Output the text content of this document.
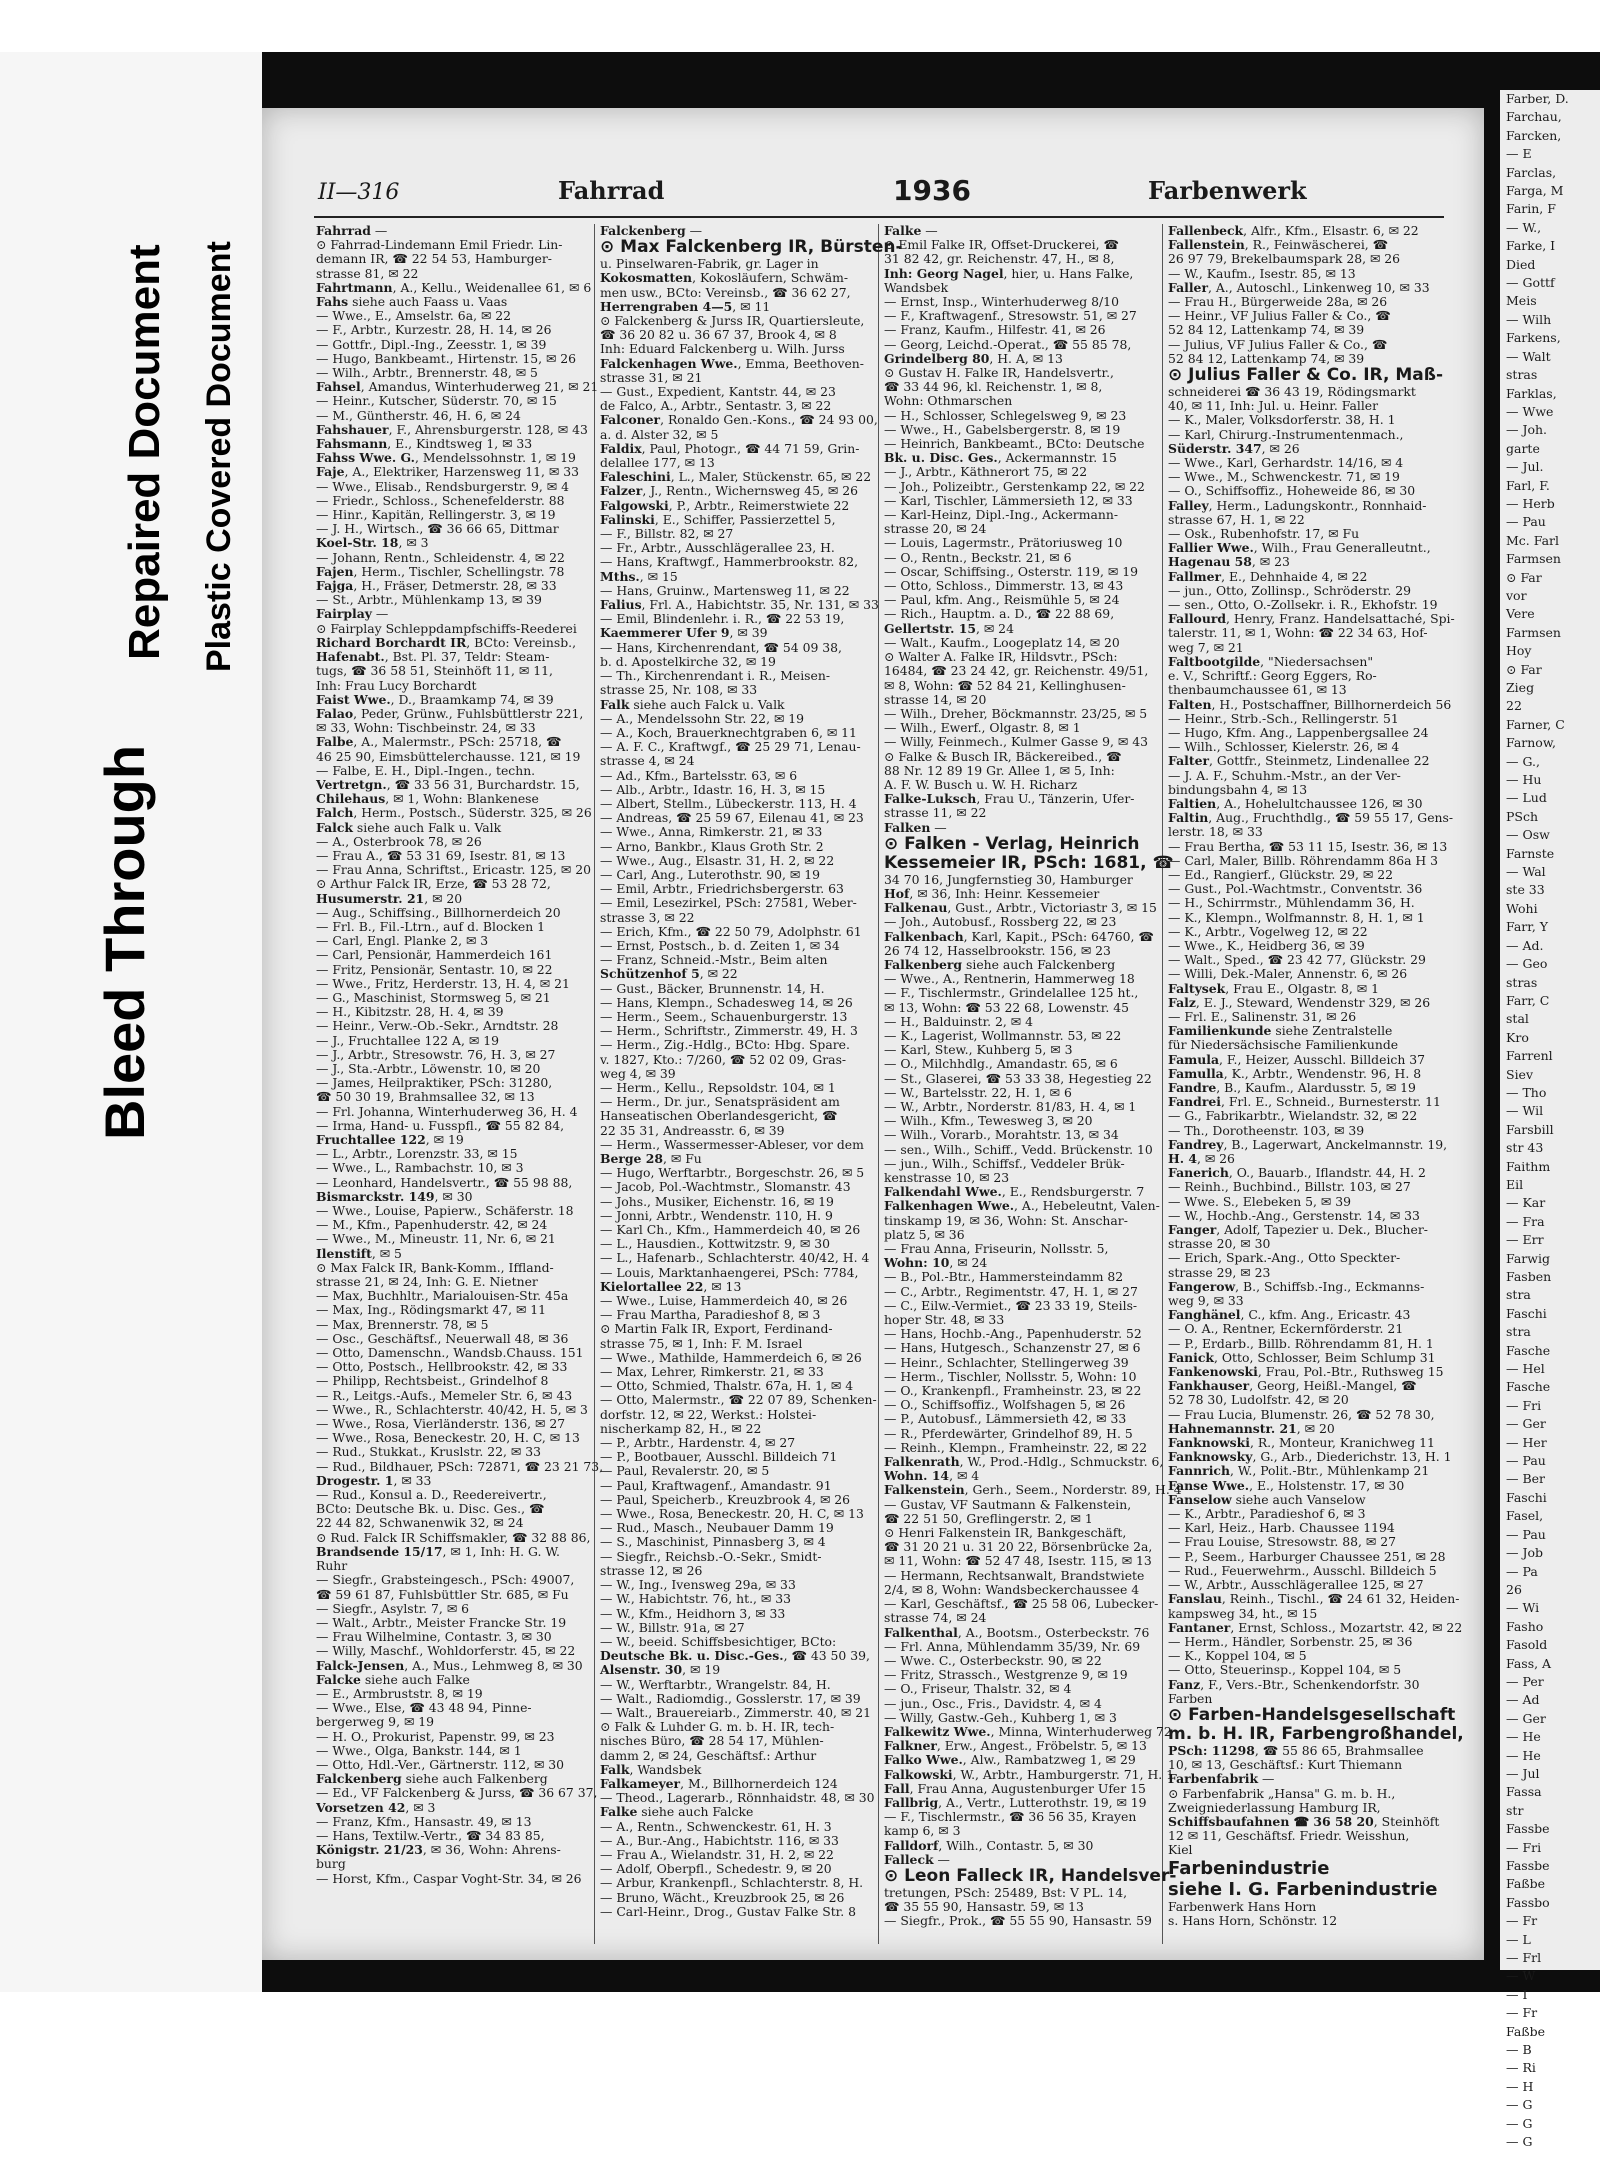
Repaired Document Plastic Covered Document
Bleed Through
II—316	Fahrrad	1936	Farbenwerk
Fahrrad —
⊙ Fahrrad-Lindemann Emil Friedr. Lin-
demann IR, ☎ 22 54 53, Hamburger-
strasse 81, ✉ 22
Fahrtmann, A., Kellu., Weidenallee 61, ✉ 6
Fahs siehe auch Faass u. Vaas
— Wwe., E., Amselstr. 6a, ✉ 22
— F., Arbtr., Kurzestr. 28, H. 14, ✉ 26
— Gottfr., Dipl.-Ing., Zeesstr. 1, ✉ 39
— Hugo, Bankbeamt., Hirtenstr. 15, ✉ 26
— Wilh., Arbtr., Brennerstr. 48, ✉ 5
Fahsel, Amandus, Winterhuderweg 21, ✉ 21
— Heinr., Kutscher, Süderstr. 70, ✉ 15
— M., Güntherstr. 46, H. 6, ✉ 24
Fahshauer, F., Ahrensburgerstr. 128, ✉ 43
Fahsmann, E., Kindtsweg 1, ✉ 33
Fahss Wwe. G., Mendelssohnstr. 1, ✉ 19
Faje, A., Elektriker, Harzensweg 11, ✉ 33
— Wwe., Elisab., Rendsburgerstr. 9, ✉ 4
— Friedr., Schloss., Schenefelderstr. 88
— Hinr., Kapitän, Rellingerstr. 3, ✉ 19
— J. H., Wirtsch., ☎ 36 66 65, Dittmar
Koel-Str. 18, ✉ 3
— Johann, Rentn., Schleidenstr. 4, ✉ 22
Fajen, Herm., Tischler, Schellingstr. 78
Fajga, H., Fräser, Detmerstr. 28, ✉ 33
— St., Arbtr., Mühlenkamp 13, ✉ 39
Fairplay —
⊙ Fairplay Schleppdampfschiffs-Reederei
Richard Borchardt IR, BCto: Vereinsb.,
Hafenabt., Bst. Pl. 37, Teldr: Steam-
tugs, ☎ 36 58 51, Steinhöft 11, ✉ 11,
Inh: Frau Lucy Borchardt
Faist Wwe., D., Braamkamp 74, ✉ 39
Falao, Peder, Grünw., Fuhlsbüttlerstr 221,
✉ 33, Wohn: Tischbeinstr. 24, ✉ 33
Falbe, A., Malermstr., PSch: 25718, ☎
46 25 90, Eimsbüttelerchausse. 121, ✉ 19
— Falbe, E. H., Dipl.-Ingen., techn.
Vertretgn., ☎ 33 56 31, Burchardstr. 15,
Chilehaus, ✉ 1, Wohn: Blankenese
Falch, Herm., Postsch., Süderstr. 325, ✉ 26
Falck siehe auch Falk u. Valk
— A., Osterbrook 78, ✉ 26
— Frau A., ☎ 53 31 69, Isestr. 81, ✉ 13
— Frau Anna, Schriftst., Ericastr. 125, ✉ 20
⊙ Arthur Falck IR, Erze, ☎ 53 28 72,
Husumerstr. 21, ✉ 20
— Aug., Schiffsing., Billhornerdeich 20
— Frl. B., Fil.-Ltrn., auf d. Blocken 1
— Carl, Engl. Planke 2, ✉ 3
— Carl, Pensionär, Hammerdeich 161
— Fritz, Pensionär, Sentastr. 10, ✉ 22
— Wwe., Fritz, Herderstr. 13, H. 4, ✉ 21
— G., Maschinist, Stormsweg 5, ✉ 21
— H., Kibitzstr. 28, H. 4, ✉ 39
— Heinr., Verw.-Ob.-Sekr., Arndtstr. 28
— J., Fruchtallee 122 A, ✉ 19
— J., Arbtr., Stresowstr. 76, H. 3, ✉ 27
— J., Sta.-Arbtr., Löwenstr. 10, ✉ 20
— James, Heilpraktiker, PSch: 31280,
☎ 50 30 19, Brahmsallee 32, ✉ 13
— Frl. Johanna, Winterhuderweg 36, H. 4
— Irma, Hand- u. Fusspfl., ☎ 55 82 84,
Fruchtallee 122, ✉ 19
— L., Arbtr., Lorenzstr. 33, ✉ 15
— Wwe., L., Rambachstr. 10, ✉ 3
— Leonhard, Handelsvertr., ☎ 55 98 88,
Bismarckstr. 149, ✉ 30
— Wwe., Louise, Papierw., Schäferstr. 18
— M., Kfm., Papenhuderstr. 42, ✉ 24
— Wwe., M., Mineustr. 11, Nr. 6, ✉ 21
Ilenstift, ✉ 5
⊙ Max Falck IR, Bank-Komm., Iffland-
strasse 21, ✉ 24, Inh: G. E. Nietner
— Max, Buchhltr., Marialouisen-Str. 45a
— Max, Ing., Rödingsmarkt 47, ✉ 11
— Max, Brennerstr. 78, ✉ 5
— Osc., Geschäftsf., Neuerwall 48, ✉ 36
— Otto, Damenschn., Wandsb.Chauss. 151
— Otto, Postsch., Hellbrookstr. 42, ✉ 33
— Philipp, Rechtsbeist., Grindelhof 8
— R., Leitgs.-Aufs., Memeler Str. 6, ✉ 43
— Wwe., R., Schlachterstr. 40/42, H. 5, ✉ 3
— Wwe., Rosa, Vierländerstr. 136, ✉ 27
— Wwe., Rosa, Beneckestr. 20, H. C, ✉ 13
— Rud., Stukkat., Kruslstr. 22, ✉ 33
— Rud., Bildhauer, PSch: 72871, ☎ 23 21 73,
Drogestr. 1, ✉ 33
— Rud., Konsul a. D., Reedereivertr.,
BCto: Deutsche Bk. u. Disc. Ges., ☎
22 44 82, Schwanenwik 32, ✉ 24
⊙ Rud. Falck IR Schiffsmakler, ☎ 32 88 86,
Brandsende 15/17, ✉ 1, Inh: H. G. W.
Ruhr
— Siegfr., Grabsteingesch., PSch: 49007,
☎ 59 61 87, Fuhlsbüttler Str. 685, ✉ Fu
— Siegfr., Asylstr. 7, ✉ 6
— Walt., Arbtr., Meister Francke Str. 19
— Frau Wilhelmine, Contastr. 3, ✉ 30
— Willy, Maschf., Wohldorferstr. 45, ✉ 22
Falck-Jensen, A., Mus., Lehmweg 8, ✉ 30
Falcke siehe auch Falke
— E., Armbruststr. 8, ✉ 19
— Wwe., Else, ☎ 43 48 94, Pinne-
bergerweg 9, ✉ 19
— H. O., Prokurist, Papenstr. 99, ✉ 23
— Wwe., Olga, Bankstr. 144, ✉ 1
— Otto, Hdl.-Ver., Gärtnerstr. 112, ✉ 30
Falckenberg siehe auch Falkenberg
— Ed., VF Falckenberg & Jurss, ☎ 36 67 37,
Vorsetzen 42, ✉ 3
— Franz, Kfm., Hansastr. 49, ✉ 13
— Hans, Textilw.-Vertr., ☎ 34 83 85,
Königstr. 21/23, ✉ 36, Wohn: Ahrens-
burg
— Horst, Kfm., Caspar Voght-Str. 34, ✉ 26
Falckenberg —
⊙ Max Falckenberg IR, Bürsten-
u. Pinselwaren-Fabrik, gr. Lager in
Kokosmatten, Kokosläufern, Schwäm-
men usw., BCto: Vereinsb., ☎ 36 62 27,
Herrengraben 4—5, ✉ 11
⊙ Falckenberg & Jurss IR, Quartiersleute,
☎ 36 20 82 u. 36 67 37, Brook 4, ✉ 8
Inh: Eduard Falckenberg u. Wilh. Jurss
Falckenhagen Wwe., Emma, Beethoven-
strasse 31, ✉ 21
— Gust., Expedient, Kantstr. 44, ✉ 23
de Falco, A., Arbtr., Sentastr. 3, ✉ 22
Falconer, Ronaldo Gen.-Kons., ☎ 24 93 00,
a. d. Alster 32, ✉ 5
Faldix, Paul, Photogr., ☎ 44 71 59, Grin-
delallee 177, ✉ 13
Faleschini, L., Maler, Stückenstr. 65, ✉ 22
Falzer, J., Rentn., Wichernsweg 45, ✉ 26
Falgowski, P., Arbtr., Reimerstwiete 22
Falinski, E., Schiffer, Passierzettel 5,
— F., Billstr. 82, ✉ 27
— Fr., Arbtr., Ausschlägerallee 23, H.
— Hans, Kraftwgf., Hammerbrookstr. 82,
Mths., ✉ 15
— Hans, Gruinw., Martensweg 11, ✉ 22
Falius, Frl. A., Habichtstr. 35, Nr. 131, ✉ 33
— Emil, Blindenlehr. i. R., ☎ 22 53 19,
Kaemmerer Ufer 9, ✉ 39
— Hans, Kirchenrendant, ☎ 54 09 38,
b. d. Apostelkirche 32, ✉ 19
— Th., Kirchenrendant i. R., Meisen-
strasse 25, Nr. 108, ✉ 33
Falk siehe auch Falck u. Valk
— A., Mendelssohn Str. 22, ✉ 19
— A., Koch, Brauerknechtgraben 6, ✉ 11
— A. F. C., Kraftwgf., ☎ 25 29 71, Lenau-
strasse 4, ✉ 24
— Ad., Kfm., Bartelsstr. 63, ✉ 6
— Alb., Arbtr., Idastr. 16, H. 3, ✉ 15
— Albert, Stellm., Lübeckerstr. 113, H. 4
— Andreas, ☎ 25 59 67, Eilenau 41, ✉ 23
— Wwe., Anna, Rimkerstr. 21, ✉ 33
— Arno, Bankbr., Klaus Groth Str. 2
— Wwe., Aug., Elsastr. 31, H. 2, ✉ 22
— Carl, Ang., Luterothstr. 90, ✉ 19
— Emil, Arbtr., Friedrichsbergerstr. 63
— Emil, Lesezirkel, PSch: 27581, Weber-
strasse 3, ✉ 22
— Erich, Kfm., ☎ 22 50 79, Adolphstr. 61
— Ernst, Postsch., b. d. Zeiten 1, ✉ 34
— Franz, Schneid.-Mstr., Beim alten
Schützenhof 5, ✉ 22
— Gust., Bäcker, Brunnenstr. 14, H.
— Hans, Klempn., Schadesweg 14, ✉ 26
— Herm., Seem., Schauenburgerstr. 13
— Herm., Schriftstr., Zimmerstr. 49, H. 3
— Herm., Zig.-Hdlg., BCto: Hbg. Spare.
v. 1827, Kto.: 7/260, ☎ 52 02 09, Gras-
weg 4, ✉ 39
— Herm., Kellu., Repsoldstr. 104, ✉ 1
— Herm., Dr. jur., Senatspräsident am
Hanseatischen Oberlandesgericht, ☎
22 35 31, Andreasstr. 6, ✉ 39
— Herm., Wassermesser-Ableser, vor dem
Berge 28, ✉ Fu
— Hugo, Werftarbtr., Borgeschstr. 26, ✉ 5
— Jacob, Pol.-Wachtmstr., Slomanstr. 43
— Johs., Musiker, Eichenstr. 16, ✉ 19
— Jonni, Arbtr., Wendenstr. 110, H. 9
— Karl Ch., Kfm., Hammerdeich 40, ✉ 26
— L., Hausdien., Kottwitzstr. 9, ✉ 30
— L., Hafenarb., Schlachterstr. 40/42, H. 4
— Louis, Marktanhaengerei, PSch: 7784,
Kielortallee 22, ✉ 13
— Wwe., Luise, Hammerdeich 40, ✉ 26
— Frau Martha, Paradieshof 8, ✉ 3
⊙ Martin Falk IR, Export, Ferdinand-
strasse 75, ✉ 1, Inh: F. M. Israel
— Wwe., Mathilde, Hammerdeich 6, ✉ 26
— Max, Lehrer, Rimkerstr. 21, ✉ 33
— Otto, Schmied, Thalstr. 67a, H. 1, ✉ 4
— Otto, Malermstr., ☎ 22 07 89, Schenken-
dorfstr. 12, ✉ 22, Werkst.: Holstei-
nischerkamp 82, H., ✉ 22
— P., Arbtr., Hardenstr. 4, ✉ 27
— P., Bootbauer, Ausschl. Billdeich 71
— Paul, Revalerstr. 20, ✉ 5
— Paul, Kraftwagenf., Amandastr. 91
— Paul, Speicherb., Kreuzbrook 4, ✉ 26
— Wwe., Rosa, Beneckestr. 20, H. C, ✉ 13
— Rud., Masch., Neubauer Damm 19
— S., Maschinist, Pinnasberg 3, ✉ 4
— Siegfr., Reichsb.-O.-Sekr., Smidt-
strasse 12, ✉ 26
— W., Ing., Ivensweg 29a, ✉ 33
— W., Habichtstr. 76, ht., ✉ 33
— W., Kfm., Heidhorn 3, ✉ 33
— W., Billstr. 91a, ✉ 27
— W., beeid. Schiffsbesichtiger, BCto:
Deutsche Bk. u. Disc.-Ges., ☎ 43 50 39,
Alsenstr. 30, ✉ 19
— W., Werftarbtr., Wrangelstr. 84, H.
— Walt., Radiomdig., Gosslerstr. 17, ✉ 39
— Walt., Brauereiarb., Zimmerstr. 40, ✉ 21
⊙ Falk & Luhder G. m. b. H. IR, tech-
nisches Büro, ☎ 28 54 17, Mühlen-
damm 2, ✉ 24, Geschäftsf.: Arthur
Falk, Wandsbek
Falkameyer, M., Billhornerdeich 124
— Theod., Lagerarb., Rönnhaidstr. 48, ✉ 30
Falke siehe auch Falcke
— A., Rentn., Schwenckestr. 61, H. 3
— A., Bur.-Ang., Habichtstr. 116, ✉ 33
— Frau A., Wielandstr. 31, H. 2, ✉ 22
— Adolf, Oberpfl., Schedestr. 9, ✉ 20
— Arbur, Krankenpfl., Schlachterstr. 8, H.
— Bruno, Wächt., Kreuzbrook 25, ✉ 26
— Carl-Heinr., Drog., Gustav Falke Str. 8
Falke —
⊙ Emil Falke IR, Offset-Druckerei, ☎
31 82 42, gr. Reichenstr. 47, H., ✉ 8,
Inh: Georg Nagel, hier, u. Hans Falke,
Wandsbek
— Ernst, Insp., Winterhuderweg 8/10
— F., Kraftwagenf., Stresowstr. 51, ✉ 27
— Franz, Kaufm., Hilfestr. 41, ✉ 26
— Georg, Leichd.-Operat., ☎ 55 85 78,
Grindelberg 80, H. A, ✉ 13
⊙ Gustav H. Falke IR, Handelsvertr.,
☎ 33 44 96, kl. Reichenstr. 1, ✉ 8,
Wohn: Othmarschen
— H., Schlosser, Schlegelsweg 9, ✉ 23
— Wwe., H., Gabelsbergerstr. 8, ✉ 19
— Heinrich, Bankbeamt., BCto: Deutsche
Bk. u. Disc. Ges., Ackermannstr. 15
— J., Arbtr., Käthnerort 75, ✉ 22
— Joh., Polizeibtr., Gerstenkamp 22, ✉ 22
— Karl, Tischler, Lämmersieth 12, ✉ 33
— Karl-Heinz, Dipl.-Ing., Ackermann-
strasse 20, ✉ 24
— Louis, Lagermstr., Prätoriusweg 10
— O., Rentn., Beckstr. 21, ✉ 6
— Oscar, Schiffsing., Osterstr. 119, ✉ 19
— Otto, Schloss., Dimmerstr. 13, ✉ 43
— Paul, kfm. Ang., Reismühle 5, ✉ 24
— Rich., Hauptm. a. D., ☎ 22 88 69,
Gellertstr. 15, ✉ 24
— Walt., Kaufm., Loogeplatz 14, ✉ 20
⊙ Walter A. Falke IR, Hildsvtr., PSch:
16484, ☎ 23 24 42, gr. Reichenstr. 49/51,
✉ 8, Wohn: ☎ 52 84 21, Kellinghusen-
strasse 14, ✉ 20
— Wilh., Dreher, Böckmannstr. 23/25, ✉ 5
— Wilh., Ewerf., Olgastr. 8, ✉ 1
— Willy, Feinmech., Kulmer Gasse 9, ✉ 43
⊙ Falke & Busch IR, Bäckereibed., ☎
88 Nr. 12 89 19 Gr. Allee 1, ✉ 5, Inh:
A. F. W. Busch u. W. H. Richarz
Falke-Luksch, Frau U., Tänzerin, Ufer-
strasse 11, ✉ 22
Falken —
⊙ Falken - Verlag, Heinrich
Kessemeier IR, PSch: 1681, ☎
34 70 16, Jungfernstieg 30, Hamburger
Hof, ✉ 36, Inh: Heinr. Kessemeier
Falkenau, Gust., Arbtr., Victoriastr 3, ✉ 15
— Joh., Autobusf., Rossberg 22, ✉ 23
Falkenbach, Karl, Kapit., PSch: 64760, ☎
26 74 12, Hasselbrookstr. 156, ✉ 23
Falkenberg siehe auch Falckenberg
— Wwe., A., Rentnerin, Hammerweg 18
— F., Tischlermstr., Grindelallee 125 ht.,
✉ 13, Wohn: ☎ 53 22 68, Lowenstr. 45
— H., Balduinstr. 2, ✉ 4
— K., Lagerist, Wollmannstr. 53, ✉ 22
— Karl, Stew., Kuhberg 5, ✉ 3
— O., Milchhdlg., Amandastr. 65, ✉ 6
— St., Glaserei, ☎ 53 33 38, Hegestieg 22
— W., Bartelsstr. 22, H. 1, ✉ 6
— W., Arbtr., Norderstr. 81/83, H. 4, ✉ 1
— Wilh., Kfm., Tewesweg 3, ✉ 20
— Wilh., Vorarb., Morahtstr. 13, ✉ 34
— sen., Wilh., Schiff., Vedd. Brückenstr. 10
— jun., Wilh., Schiffsf., Veddeler Brük-
kenstrasse 10, ✉ 23
Falkendahl Wwe., E., Rendsburgerstr. 7
Falkenhagen Wwe., A., Hebeleutnt, Valen-
tinskamp 19, ✉ 36, Wohn: St. Anschar-
platz 5, ✉ 36
— Frau Anna, Friseurin, Nollsstr. 5,
Wohn: 10, ✉ 24
— B., Pol.-Btr., Hammersteindamm 82
— C., Arbtr., Regimentstr. 47, H. 1, ✉ 27
— C., Eilw.-Vermiet., ☎ 23 33 19, Steils-
hoper Str. 48, ✉ 33
— Hans, Hochb.-Ang., Papenhuderstr. 52
— Hans, Hutgesch., Schanzenstr 27, ✉ 6
— Heinr., Schlachter, Stellingerweg 39
— Herm., Tischler, Nollsstr. 5, Wohn: 10
— O., Krankenpfl., Framheinstr. 23, ✉ 22
— O., Schiffsoffiz., Wolfshagen 5, ✉ 26
— P., Autobusf., Lämmersieth 42, ✉ 33
— R., Pferdewärter, Grindelhof 89, H. 5
— Reinh., Klempn., Framheinstr. 22, ✉ 22
Falkenrath, W., Prod.-Hdlg., Schmuckstr. 6,
Wohn. 14, ✉ 4
Falkenstein, Gerh., Seem., Norderstr. 89, H. 4
— Gustav, VF Sautmann & Falkenstein,
☎ 22 51 50, Greflingerstr. 2, ✉ 1
⊙ Henri Falkenstein IR, Bankgeschäft,
☎ 31 20 21 u. 31 20 22, Börsenbrücke 2a,
✉ 11, Wohn: ☎ 52 47 48, Isestr. 115, ✉ 13
— Hermann, Rechtsanwalt, Brandstwiete
2/4, ✉ 8, Wohn: Wandsbeckerchaussee 4
— Karl, Geschäftsf., ☎ 25 58 06, Lubecker-
strasse 74, ✉ 24
Falkenthal, A., Bootsm., Osterbeckstr. 76
— Frl. Anna, Mühlendamm 35/39, Nr. 69
— Wwe. C., Osterbeckstr. 90, ✉ 22
— Fritz, Strassch., Westgrenze 9, ✉ 19
— O., Friseur, Thalstr. 32, ✉ 4
— jun., Osc., Fris., Davidstr. 4, ✉ 4
— Willy, Gastw.-Geh., Kuhberg 1, ✉ 3
Falkewitz Wwe., Minna, Winterhuderweg 72
Falkner, Erw., Angest., Fröbelstr. 5, ✉ 13
Falko Wwe., Alw., Rambatzweg 1, ✉ 29
Falkowski, W., Arbtr., Hamburgerstr. 71, H. 1
Fall, Frau Anna, Augustenburger Ufer 15
Fallbrig, A., Vertr., Lutterothstr. 19, ✉ 19
— F., Tischlermstr., ☎ 36 56 35, Krayen
kamp 6, ✉ 3
Falldorf, Wilh., Contastr. 5, ✉ 30
Falleck —
⊙ Leon Falleck IR, Handelsver-
tretungen, PSch: 25489, Bst: V PL. 14,
☎ 35 55 90, Hansastr. 59, ✉ 13
— Siegfr., Prok., ☎ 55 55 90, Hansastr. 59
Fallenbeck, Alfr., Kfm., Elsastr. 6, ✉ 22
Fallenstein, R., Feinwäscherei, ☎
26 97 79, Brekelbaumspark 28, ✉ 26
— W., Kaufm., Isestr. 85, ✉ 13
Faller, A., Autoschl., Linkenweg 10, ✉ 33
— Frau H., Bürgerweide 28a, ✉ 26
— Heinr., VF Julius Faller & Co., ☎
52 84 12, Lattenkamp 74, ✉ 39
— Julius, VF Julius Faller & Co., ☎
52 84 12, Lattenkamp 74, ✉ 39
⊙ Julius Faller & Co. IR, Maß-
schneiderei ☎ 36 43 19, Rödingsmarkt
40, ✉ 11, Inh: Jul. u. Heinr. Faller
— K., Maler, Volksdorferstr. 38, H. 1
— Karl, Chirurg.-Instrumentenmach.,
Süderstr. 347, ✉ 26
— Wwe., Karl, Gerhardstr. 14/16, ✉ 4
— Wwe., M., Schwenckestr. 71, ✉ 19
— O., Schiffsoffiz., Hoheweide 86, ✉ 30
Falley, Herm., Ladungskontr., Ronnhaid-
strasse 67, H. 1, ✉ 22
— Osk., Rubenhofstr. 17, ✉ Fu
Fallier Wwe., Wilh., Frau Generalleutnt.,
Hagenau 58, ✉ 23
Fallmer, E., Dehnhaide 4, ✉ 22
— jun., Otto, Zollinsp., Schröderstr. 29
— sen., Otto, O.-Zollsekr. i. R., Ekhofstr. 19
Fallourd, Henry, Franz. Handelsattaché, Spi-
talerstr. 11, ✉ 1, Wohn: ☎ 22 34 63, Hof-
weg 7, ✉ 21
Faltbootgilde, "Niedersachsen"
e. V., Schriftf.: Georg Eggers, Ro-
thenbaumchaussee 61, ✉ 13
Falten, H., Postschaffner, Billhornerdeich 56
— Heinr., Strb.-Sch., Rellingerstr. 51
— Hugo, Kfm. Ang., Lappenbergsallee 24
— Wilh., Schlosser, Kielerstr. 26, ✉ 4
Falter, Gottfr., Steinmetz, Lindenallee 22
— J. A. F., Schuhm.-Mstr., an der Ver-
bindungsbahn 4, ✉ 13
Faltien, A., Hohelultchaussee 126, ✉ 30
Faltin, Aug., Fruchthdlg., ☎ 59 55 17, Gens-
lerstr. 18, ✉ 33
— Frau Bertha, ☎ 53 11 15, Isestr. 36, ✉ 13
— Carl, Maler, Billb. Röhrendamm 86a H 3
— Ed., Rangierf., Glückstr. 29, ✉ 22
— Gust., Pol.-Wachtmstr., Conventstr. 36
— H., Schirrmstr., Mühlendamm 36, H.
— K., Klempn., Wolfmannstr. 8, H. 1, ✉ 1
— K., Arbtr., Vogelweg 12, ✉ 22
— Wwe., K., Heidberg 36, ✉ 39
— Walt., Sped., ☎ 23 42 77, Glückstr. 29
— Willi, Dek.-Maler, Annenstr. 6, ✉ 26
Faltysek, Frau E., Olgastr. 8, ✉ 1
Falz, E. J., Steward, Wendenstr 329, ✉ 26
— Frl. E., Salinenstr. 31, ✉ 26
Familienkunde siehe Zentralstelle
für Niedersächsische Familienkunde
Famula, F., Heizer, Ausschl. Billdeich 37
Famulla, K., Arbtr., Wendenstr. 96, H. 8
Fandre, B., Kaufm., Alardusstr. 5, ✉ 19
Fandrei, Frl. E., Schneid., Burnesterstr. 11
— G., Fabrikarbtr., Wielandstr. 32, ✉ 22
— Th., Dorotheenstr. 103, ✉ 39
Fandrey, B., Lagerwart, Anckelmannstr. 19,
H. 4, ✉ 26
Fanerich, O., Bauarb., Iflandstr. 44, H. 2
— Reinh., Buchbind., Billstr. 103, ✉ 27
— Wwe. S., Elebeken 5, ✉ 39
— W., Hochb.-Ang., Gerstenstr. 14, ✉ 33
Fanger, Adolf, Tapezier u. Dek., Blucher-
strasse 20, ✉ 30
— Erich, Spark.-Ang., Otto Speckter-
strasse 29, ✉ 23
Fangerow, B., Schiffsb.-Ing., Eckmanns-
weg 9, ✉ 33
Fanghänel, C., kfm. Ang., Ericastr. 43
— O. A., Rentner, Eckernförderstr. 21
— P., Erdarb., Billb. Röhrendamm 81, H. 1
Fanick, Otto, Schlosser, Beim Schlump 31
Fankenowski, Frau, Pol.-Btr., Ruthsweg 15
Fankhauser, Georg, Heißl.-Mangel, ☎
52 78 30, Ludolfstr. 42, ✉ 20
— Frau Lucia, Blumenstr. 26, ☎ 52 78 30,
Hahnemannstr. 21, ✉ 20
Fanknowski, R., Monteur, Kranichweg 11
Fanknowsky, G., Arb., Diederichstr. 13, H. 1
Fannrich, W., Polit.-Btr., Mühlenkamp 21
Fanse Wwe., E., Holstenstr. 17, ✉ 30
Fanselow siehe auch Vanselow
— K., Arbtr., Paradieshof 6, ✉ 3
— Karl, Heiz., Harb. Chaussee 1194
— Frau Louise, Stresowstr. 88, ✉ 27
— P., Seem., Harburger Chaussee 251, ✉ 28
— Rud., Feuerwehrm., Ausschl. Billdeich 5
— W., Arbtr., Ausschlägerallee 125, ✉ 27
Fanslau, Reinh., Tischl., ☎ 24 61 32, Heiden-
kampsweg 34, ht., ✉ 15
Fantaner, Ernst, Schloss., Mozartstr. 42, ✉ 22
— Herm., Händler, Sorbenstr. 25, ✉ 36
— K., Koppel 104, ✉ 5
— Otto, Steuerinsp., Koppel 104, ✉ 5
Fanz, F., Vers.-Btr., Schenkendorfstr. 30
Farben
⊙ Farben-Handelsgesellschaft
m. b. H. IR, Farbengroßhandel,
PSch: 11298, ☎ 55 86 65, Brahmsallee
10, ✉ 13, Geschäftsf.: Kurt Thiemann
Farbenfabrik —
⊙ Farbenfabrik „Hansa" G. m. b. H.,
Zweigniederlassung Hamburg IR,
Schiffsbaufahnen ☎ 36 58 20, Steinhöft
12 ✉ 11, Geschäftsf. Friedr. Weisshun,
Kiel
Farbenindustrie
siehe I. G. Farbenindustrie
Farbenwerk Hans Horn
s. Hans Horn, Schönstr. 12
Farber, D.
Farchau,
Farcken,
— E
Farclas,
Farga, M
Farin, F
— W.,
Farke, I
Died
— Gottf
Meis
— Wilh
Farkens,
— Walt
stras
Farklas,
— Wwe
— Joh.
garte
— Jul.
Farl, F.
— Herb
— Pau
Mc. Farl
Farmsen
⊙ Far
vor
Vere
Farmsen
Hoy
⊙ Far
Zieg
22
Farner, C
Farnow,
— G.,
— Hu
— Lud
PSch
— Osw
Farnste
— Wal
ste 33
Wohi
Farr, Y
— Ad.
— Geo
stras
Farr, C
stal
Kro
Farrenl
Siev
— Tho
— Wil
Farsbill
str 43
Faithm
Eil
— Kar
— Fra
— Err
Farwig
Fasben
stra
Faschi
stra
Fasche
— Hel
Fasche
— Fri
— Ger
— Her
— Pau
— Ber
Faschi
Fasel,
— Pau
— Job
— Pa
26
— Wi
Fasho
Fasold
Fass, A
— Per
— Ad
— Ger
— He
— He
— Jul
Fassa
str
Fassbe
— Fri
Fassbe
Faßbe
Fassbo
— Fr
— L
— Frl
— W
— I
— Fr
Faßbe
— B
— Ri
— H
— G
— G
— G
